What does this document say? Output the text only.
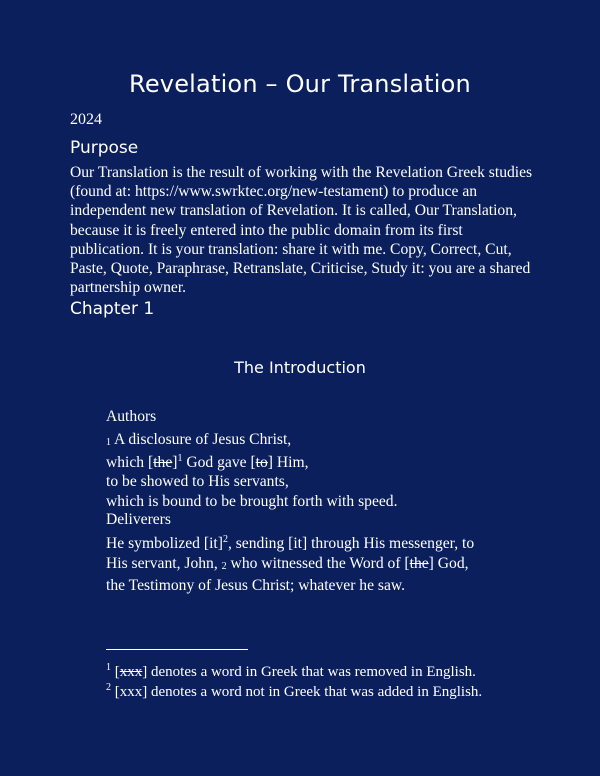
Revelation – Our Translation
2024
Purpose
Our Translation is the result of working with the Revelation Greek studies (found at: https://www.swrktec.org/new-testament) to produce an independent new translation of Revelation. It is called, Our Translation, because it is freely entered into the public domain from its first publication. It is your translation: share it with me. Copy, Correct, Cut, Paste, Quote, Paraphrase, Retranslate, Criticise, Study it: you are a shared partnership owner.
Chapter 1
The Introduction
Authors
1 A disclosure of Jesus Christ,
which [the]$^1$ God gave [to] Him,
to be showed to His servants,
which is bound to be brought forth with speed.
Deliverers
He symbolized [it]$^2$, sending [it] through His messenger, to
His servant, John, 2 who witnessed the Word of [the] God,
the Testimony of Jesus Christ; whatever he saw.
$^1$ [xxx] denotes a word in Greek that was removed in English.
$^2$ [xxx] denotes a word not in Greek that was added in English.
